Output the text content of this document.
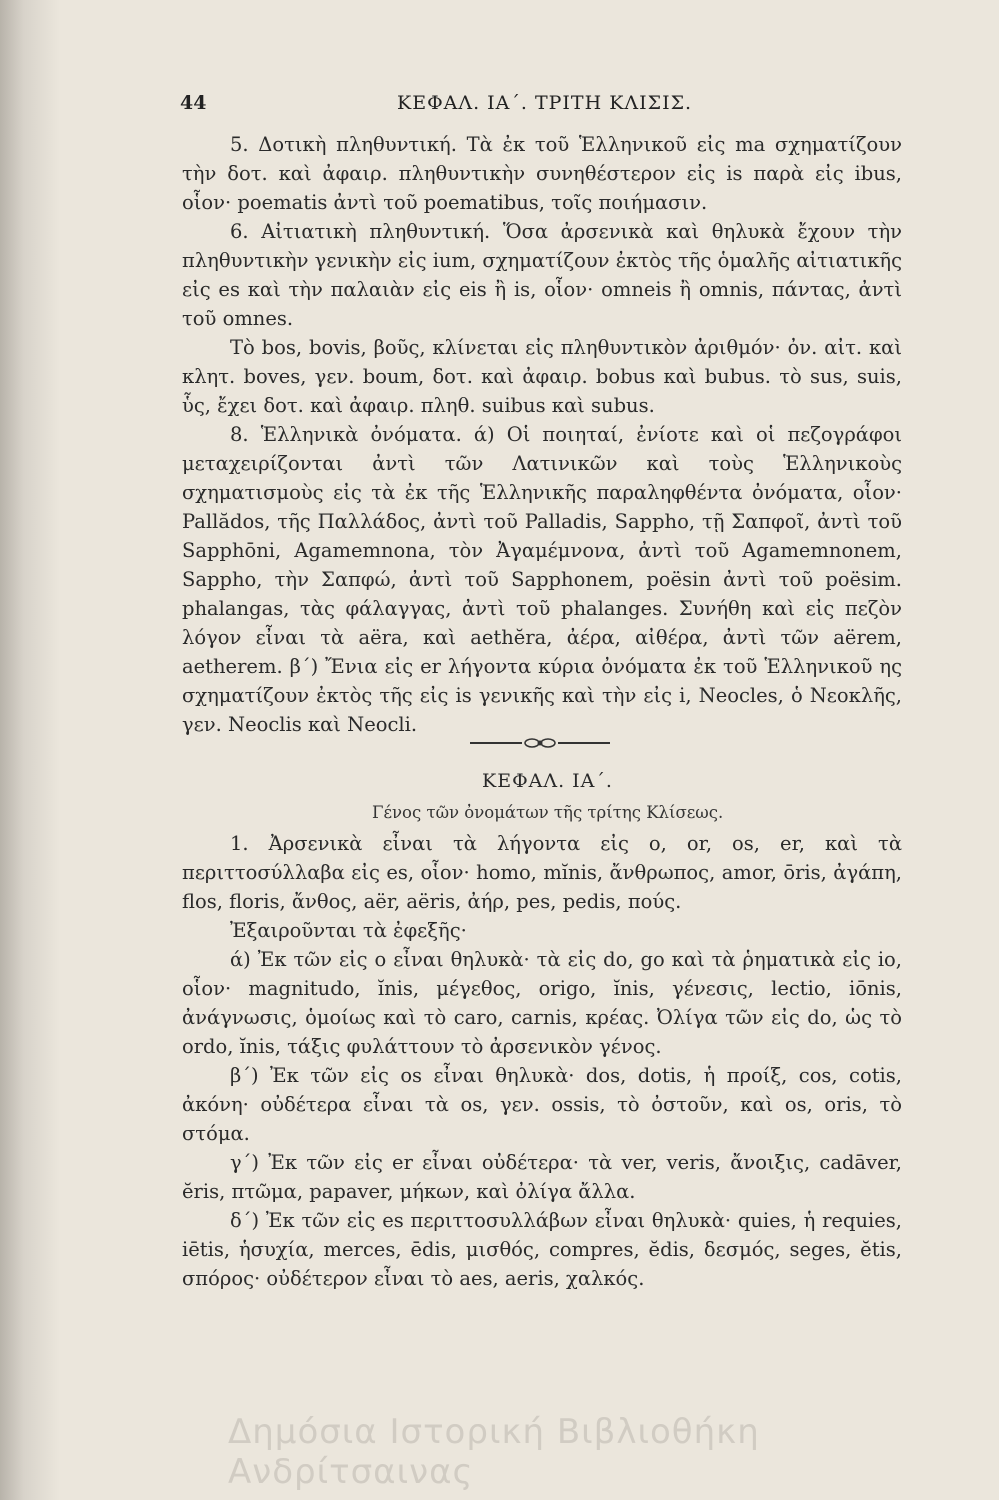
44	ΚΕΦΑΛ. ΙΑ΄. ΤΡΙΤΗ ΚΛΙΣΙΣ.

5. Δοτικὴ πληθυντική. Τὰ ἐκ τοῦ Ἑλληνικοῦ εἰς ma σχηματίζουν τὴν δοτ. καὶ ἀφαιρ. πληθυντικὴν συνηθέστερον εἰς is παρὰ εἰς ibus, οἷον· poematis ἀντὶ τοῦ poematibus, τοῖς ποιήμασιν.

6. Αἰτιατικὴ πληθυντική. Ὅσα ἀρσενικὰ καὶ θηλυκὰ ἔχουν τὴν πληθυντικὴν γενικὴν εἰς ium, σχηματίζουν ἐκτὸς τῆς ὁμαλῆς αἰτιατικῆς εἰς es καὶ τὴν παλαιὰν εἰς eis ἢ is, οἷον· omneis ἢ omnis, πάντας, ἀντὶ τοῦ omnes.

Τὸ bos, bovis, βοῦς, κλίνεται εἰς πληθυντικὸν ἀριθμόν· ὀν. αἰτ. καὶ κλητ. boves, γεν. boum, δοτ. καὶ ἀφαιρ. bobus καὶ bubus. τὸ sus, suis, ὗς, ἔχει δοτ. καὶ ἀφαιρ. πληθ. suibus καὶ subus.

8. Ἑλληνικὰ ὀνόματα. ά) Οἱ ποιηταί, ἐνίοτε καὶ οἱ πεζογράφοι μεταχειρίζονται ἀντὶ τῶν Λατινικῶν καὶ τοὺς Ἑλληνικοὺς σχηματισμοὺς εἰς τὰ ἐκ τῆς Ἑλληνικῆς παραληφθέντα ὀνόματα, οἷον· Pallădos, τῆς Παλλάδος, ἀντὶ τοῦ Palladis, Sappho, τῇ Σαπφοῖ, ἀντὶ τοῦ Sapphōni, Agamemnona, τὸν Ἀγαμέμνονα, ἀντὶ τοῦ Agamemnonem, Sappho, τὴν Σαπφώ, ἀντὶ τοῦ Sapphonem, poësin ἀντὶ τοῦ poësim. phalangas, τὰς φάλαγγας, ἀντὶ τοῦ phalanges. Συνήθη καὶ εἰς πεζὸν λόγον εἶναι τὰ aëra, καὶ aethĕra, ἀέρα, αἰθέρα, ἀντὶ τῶν aërem, aetherem. β΄) Ἔνια εἰς er λήγοντα κύρια ὀνόματα ἐκ τοῦ Ἑλληνικοῦ ης σχηματίζουν ἐκτὸς τῆς εἰς is γενικῆς καὶ τὴν εἰς i, Neocles, ὁ Νεοκλῆς, γεν. Neoclis καὶ Neocli.

ΚΕΦΑΛ. ΙΑ΄.
Γένος τῶν ὀνομάτων τῆς τρίτης Κλίσεως.

1. Ἀρσενικὰ εἶναι τὰ λήγοντα εἰς o, or, os, er, καὶ τὰ περιττοσύλλαβα εἰς es, οἷον· homo, mĭnis, ἄνθρωπος, amor, ōris, ἀγάπη, flos, floris, ἄνθος, aër, aëris, ἀήρ, pes, pedis, πούς.

Ἐξαιροῦνται τὰ ἐφεξῆς·

ά) Ἐκ τῶν εἰς o εἶναι θηλυκὰ· τὰ εἰς do, go καὶ τὰ ῥηματικὰ εἰς io, οἷον· magnitudo, ĭnis, μέγεθος, origo, ĭnis, γένεσις, lectio, iōnis, ἀνάγνωσις, ὁμοίως καὶ τὸ caro, carnis, κρέας. Ὀλίγα τῶν εἰς do, ὡς τὸ ordo, ĭnis, τάξις φυλάττουν τὸ ἀρσενικὸν γένος.

β΄) Ἐκ τῶν εἰς os εἶναι θηλυκὰ· dos, dotis, ἡ προίξ, cos, cotis, ἀκόνη· οὐδέτερα εἶναι τὰ os, γεν. ossis, τὸ ὀστοῦν, καὶ os, oris, τὸ στόμα.

γ΄) Ἐκ τῶν εἰς er εἶναι οὐδέτερα· τὰ ver, veris, ἄνοιξις, cadāver, ĕris, πτῶμα, papaver, μήκων, καὶ ὀλίγα ἄλλα.

δ΄) Ἐκ τῶν εἰς es περιττοσυλλάβων εἶναι θηλυκὰ· quies, ἡ requies, iētis, ἡσυχία, merces, ēdis, μισθός, compres, ĕdis, δεσμός, seges, ĕtis, σπόρος· οὐδέτερον εἶναι τὸ aes, aeris, χαλκός.

Δημόσια Ιστορική Βιβλιοθήκη Ανδρίτσαινας
